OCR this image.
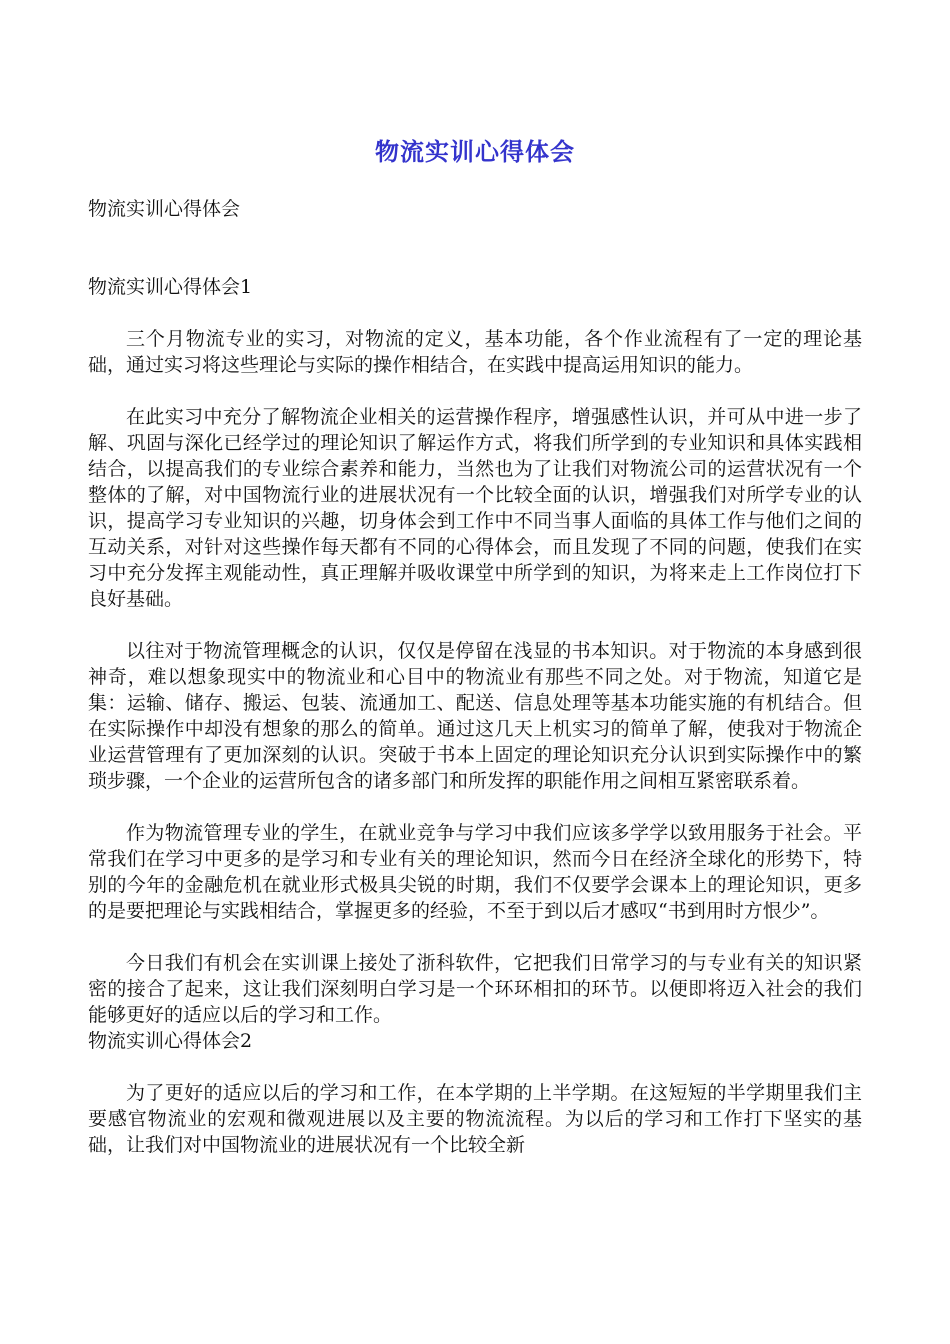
物流实训心得体会

物流实训心得体会

物流实训心得体会1

三个月物流专业的实习，对物流的定义，基本功能，各个作业流程有了一定的理论基础，通过实习将这些理论与实际的操作相结合，在实践中提高运用知识的能力。

在此实习中充分了解物流企业相关的运营操作程序，增强感性认识，并可从中进一步了解、巩固与深化已经学过的理论知识了解运作方式，将我们所学到的专业知识和具体实践相结合，以提高我们的专业综合素养和能力，当然也为了让我们对物流公司的运营状况有一个整体的了解，对中国物流行业的进展状况有一个比较全面的认识，增强我们对所学专业的认识，提高学习专业知识的兴趣，切身体会到工作中不同当事人面临的具体工作与他们之间的互动关系，对针对这些操作每天都有不同的心得体会，而且发现了不同的问题，使我们在实习中充分发挥主观能动性，真正理解并吸收课堂中所学到的知识，为将来走上工作岗位打下良好基础。

以往对于物流管理概念的认识，仅仅是停留在浅显的书本知识。对于物流的本身感到很神奇，难以想象现实中的物流业和心目中的物流业有那些不同之处。对于物流，知道它是集：运输、储存、搬运、包装、流通加工、配送、信息处理等基本功能实施的有机结合。但在实际操作中却没有想象的那么的简单。通过这几天上机实习的简单了解，使我对于物流企业运营管理有了更加深刻的认识。突破于书本上固定的理论知识充分认识到实际操作中的繁琐步骤，一个企业的运营所包含的诸多部门和所发挥的职能作用之间相互紧密联系着。

作为物流管理专业的学生，在就业竞争与学习中我们应该多学学以致用服务于社会。平常我们在学习中更多的是学习和专业有关的理论知识，然而今日在经济全球化的形势下，特别的今年的金融危机在就业形式极具尖锐的时期，我们不仅要学会课本上的理论知识，更多的是要把理论与实践相结合，掌握更多的经验，不至于到以后才感叹“书到用时方恨少”。

今日我们有机会在实训课上接处了浙科软件，它把我们日常学习的与专业有关的知识紧密的接合了起来，这让我们深刻明白学习是一个环环相扣的环节。以便即将迈入社会的我们能够更好的适应以后的学习和工作。

物流实训心得体会2

为了更好的适应以后的学习和工作，在本学期的上半学期。在这短短的半学期里我们主要感官物流业的宏观和微观进展以及主要的物流流程。为以后的学习和工作打下坚实的基础，让我们对中国物流业的进展状况有一个比较全新
